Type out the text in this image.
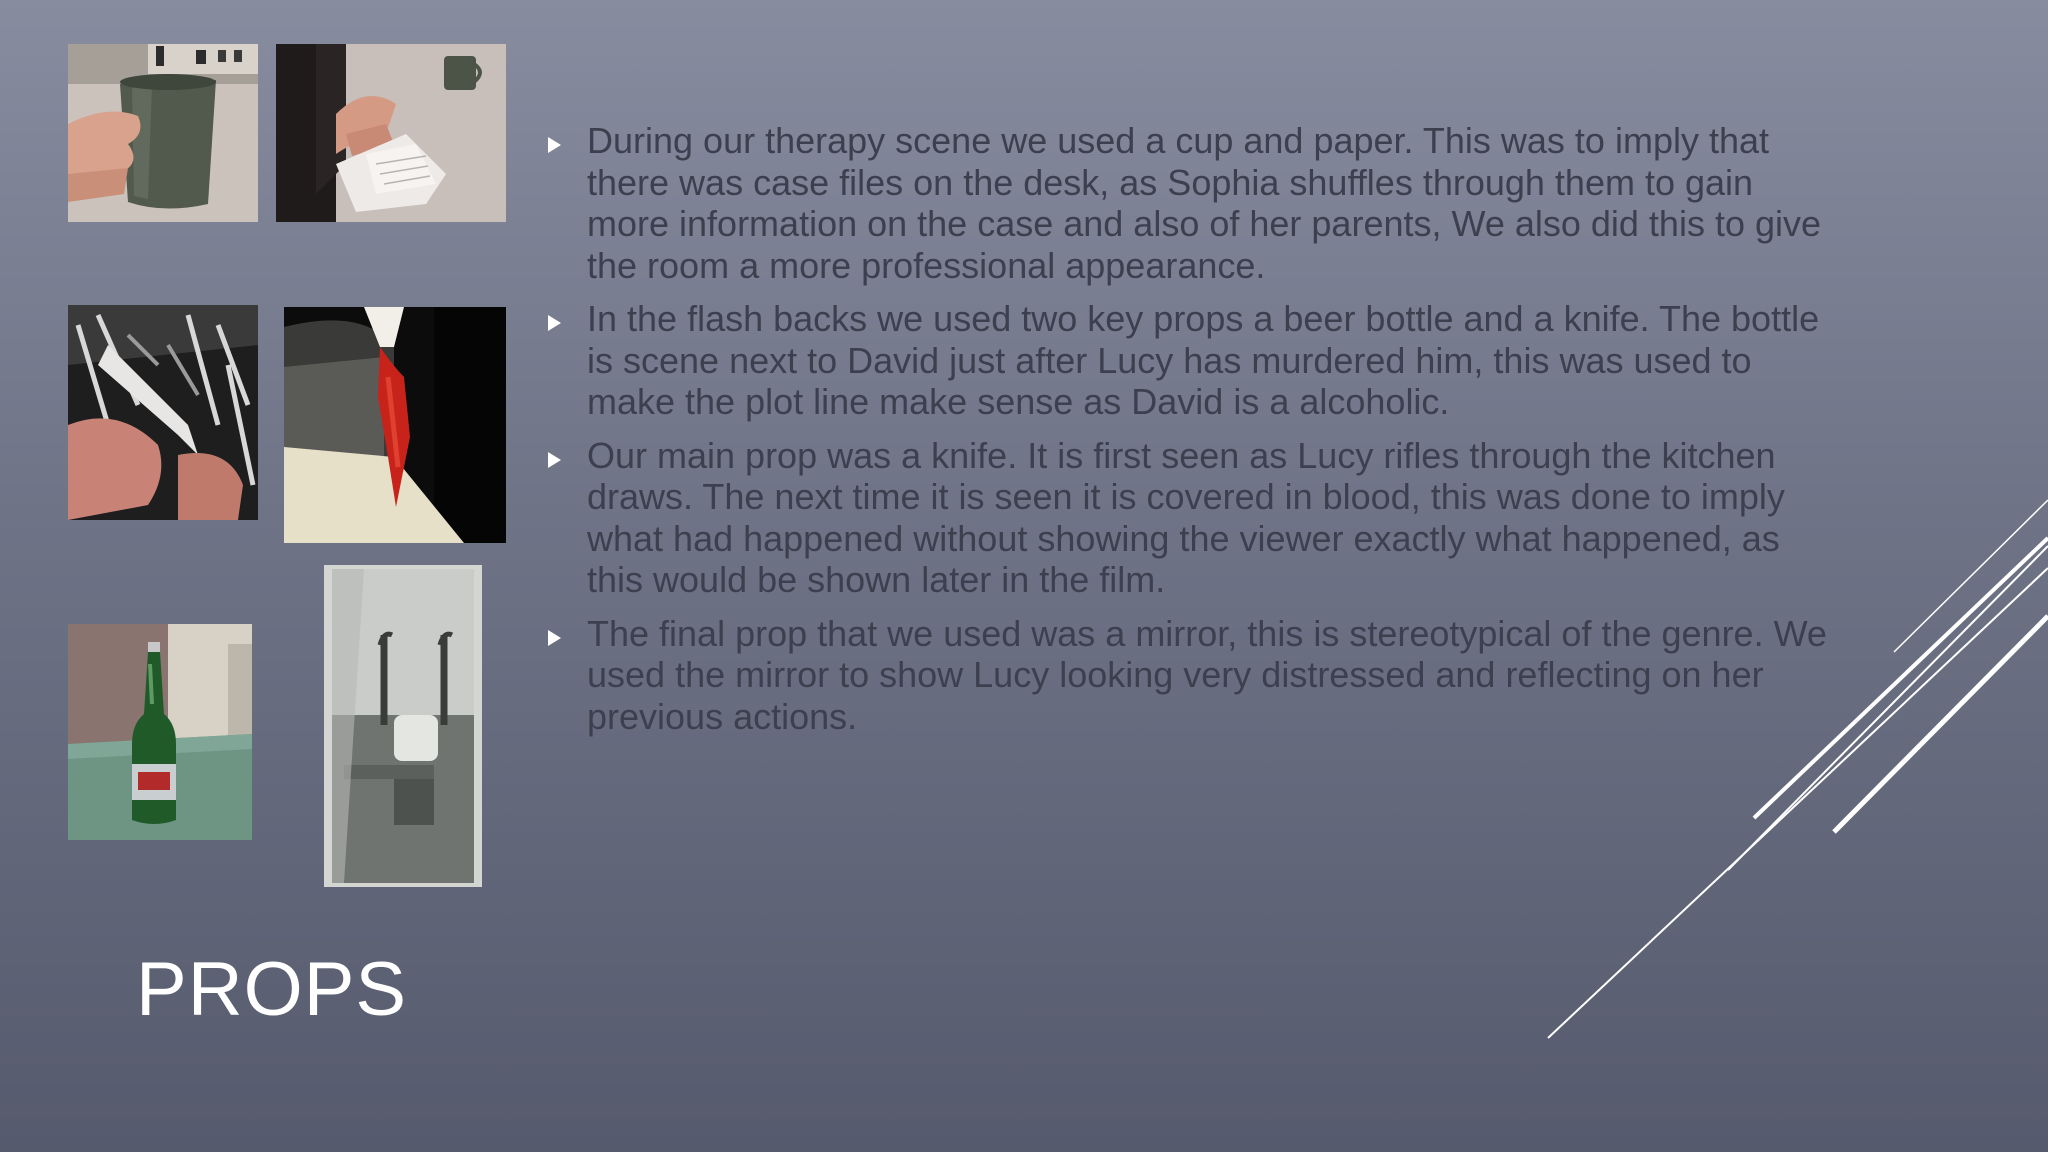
During our therapy scene we used a cup and paper. This was to imply that there was case files on the desk, as Sophia shuffles through them to gain more information on the case and also of her parents, We also did this to give the room a more professional appearance.
In the flash backs we used two key props a beer bottle and a knife. The bottle is scene next to David just after Lucy has murdered him, this was used to make the plot line make sense as David is a alcoholic.
Our main prop was a knife. It is first seen as Lucy rifles through the kitchen draws. The next time it is seen it is covered in blood, this was done to imply what had happened without showing the viewer exactly what happened, as this would be shown later in the film.
The final prop that we used was a mirror, this is stereotypical of the genre. We used the mirror to show Lucy looking very distressed and reflecting on her previous actions.
PROPS
